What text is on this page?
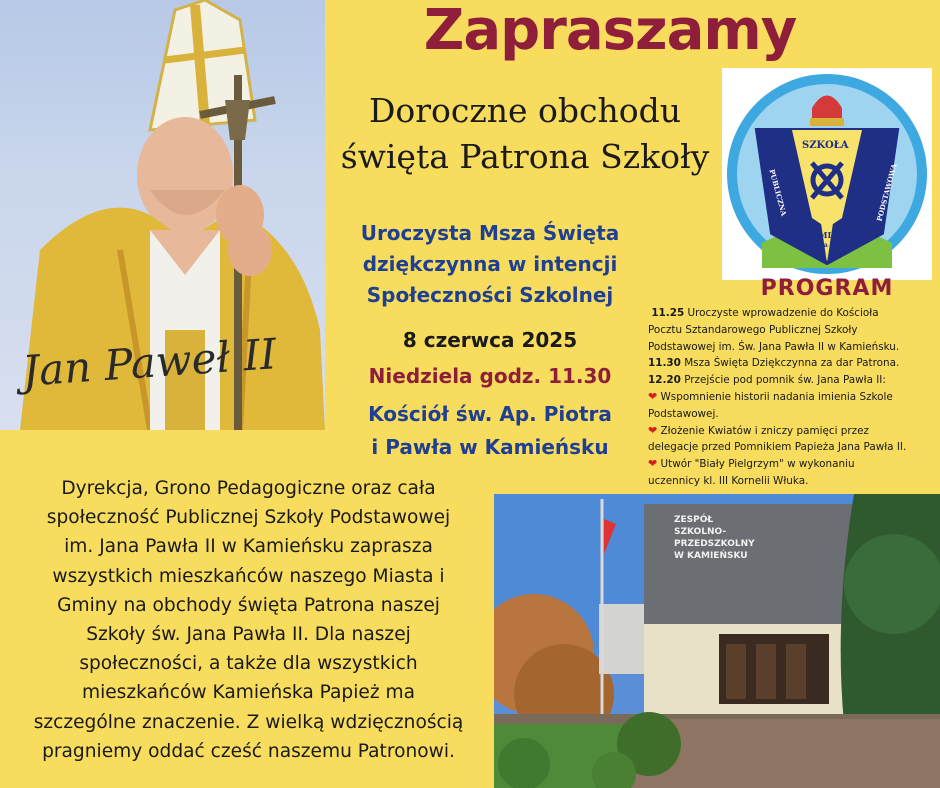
Jan Paweł II
Zapraszamy
Doroczne obchodu
święta Patrona Szkoły
Uroczysta Msza Święta
dziękczynna w intencji
Społeczności Szkolnej
8 czerwca 2025
Niedziela godz. 11.30
Kościół św. Ap. Piotra
i Pawła w Kamieńsku
SZKOŁA
PUBLICZNA	PODSTAWOWA
W KAMIEŃSKU
im. Jana Pawła II
PROGRAM
11.25 Uroczyste wprowadzenie do Kościoła
Pocztu Sztandarowego Publicznej Szkoły
Podstawowej im. Św. Jana Pawła II w Kamieńsku.
11.30 Msza Święta Dziękczynna za dar Patrona.
12.20 Przejście pod pomnik św. Jana Pawła II:
❤ Wspomnienie historii nadania imienia Szkole
Podstawowej.
❤ Złożenie Kwiatów i zniczy pamięci przez
delegacje przed Pomnikiem Papieża Jana Pawła II.
❤ Utwór "Biały Pielgrzym" w wykonaniu
uczennicy kl. III Kornelii Włuka.
Dyrekcja, Grono Pedagogiczne oraz cała
społeczność Publicznej Szkoły Podstawowej
im. Jana Pawła II w Kamieńsku zaprasza
wszystkich mieszkańców naszego Miasta i
Gminy na obchody święta Patrona naszej
Szkoły św. Jana Pawła II. Dla naszej
społeczności, a także dla wszystkich
mieszkańców Kamieńska Papież ma
szczególne znaczenie. Z wielką wdzięcznością
pragniemy oddać cześć naszemu Patronowi.
ZESPÓŁ
SZKOLNO-
PRZEDSZKOLNY
W KAMIEŃSKU
